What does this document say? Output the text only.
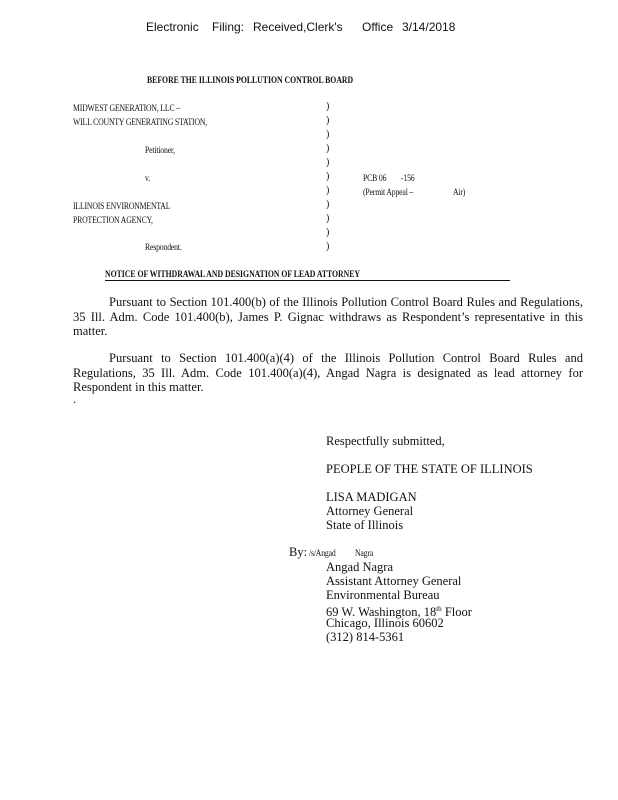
Electronic Filing: Received,Clerk's Office 3/14/2018
BEFORE THE ILLINOIS POLLUTION CONTROL BOARD
MIDWEST GENERATION, LLC –
WILL COUNTY GENERATING STATION,
Petitioner,
v.
ILLINOIS ENVIRONMENTAL
PROTECTION AGENCY,
Respondent.
)
)
)
)
)
)
)
)
)
)
)
PCB 06 -156
(Permit Appeal –	Air)
NOTICE OF WITHDRAWAL AND DESIGNATION OF LEAD ATTORNEY
Pursuant to Section 101.400(b) of the Illinois Pollution Control Board Rules and Regulations, 35 Ill. Adm. Code 101.400(b), James P. Gignac withdraws as Respondent’s representative in this matter.
Pursuant to Section 101.400(a)(4) of the Illinois Pollution Control Board Rules and Regulations, 35 Ill. Adm. Code 101.400(a)(4), Angad Nagra is designated as lead attorney for Respondent in this matter.
.
Respectfully submitted,
PEOPLE OF THE STATE OF ILLINOIS
LISA MADIGAN
Attorney General
State of Illinois
By: /s/Angad Nagra
Angad Nagra
Assistant Attorney General
Environmental Bureau
69 W. Washington, 18th Floor
Chicago, Illinois 60602
(312) 814-5361
